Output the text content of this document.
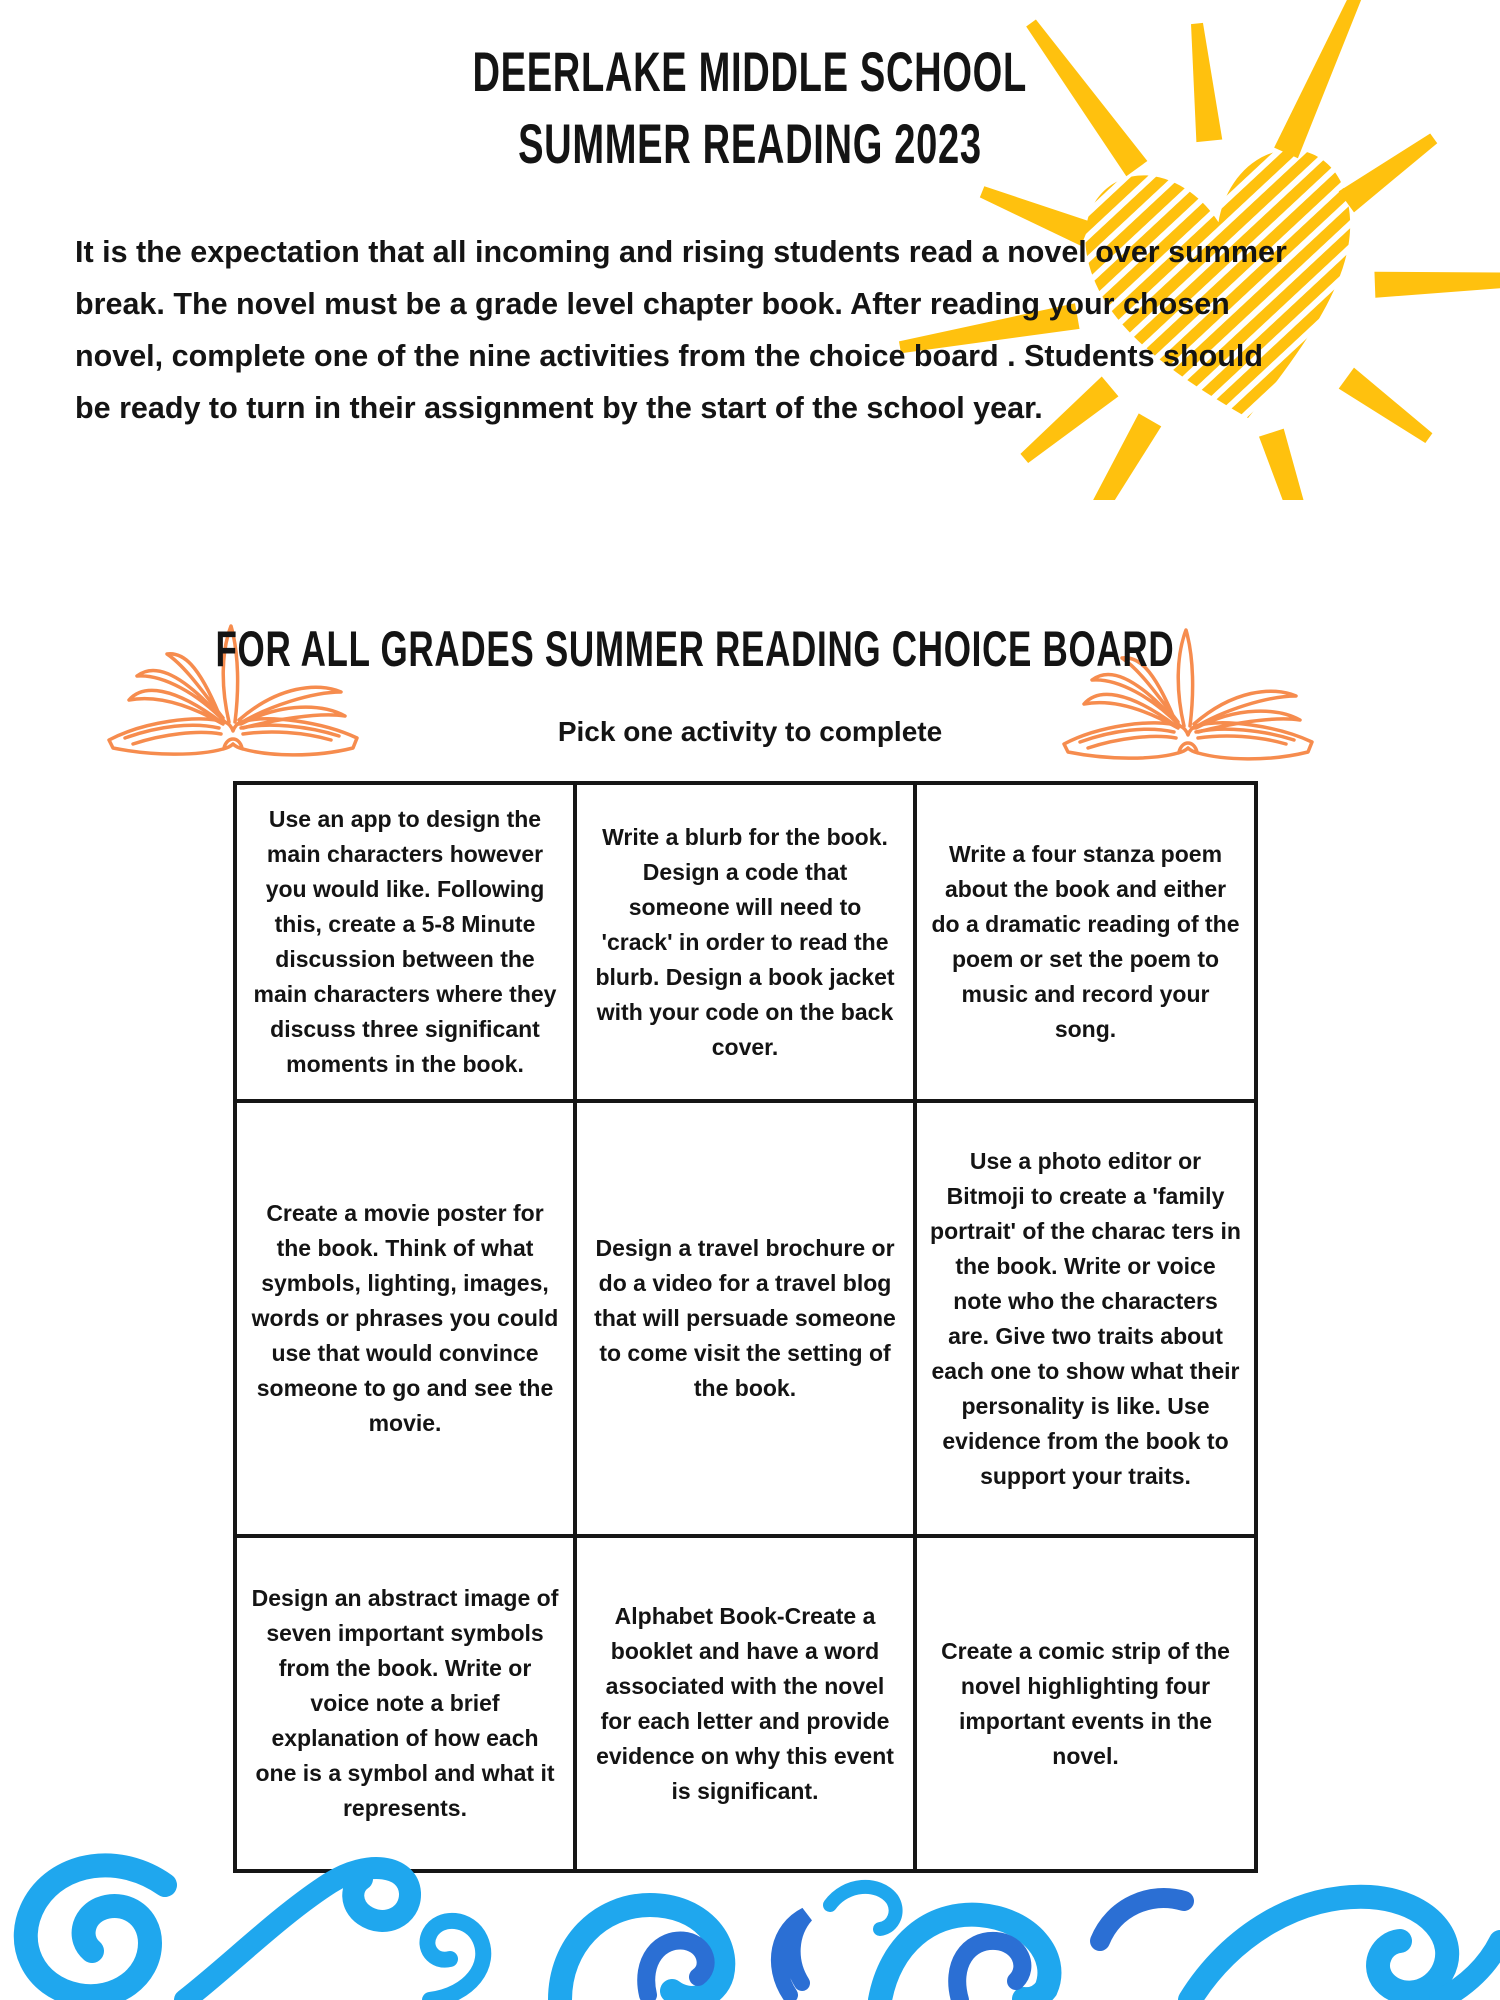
DEERLAKE MIDDLE SCHOOL
SUMMER READING 2023
It is the expectation that all incoming and rising students read a novel over summer
break. The novel must be a grade level chapter book. After reading your chosen
novel, complete one of the nine activities from the choice board . Students should
be ready to turn in their assignment by the start of the school year.
FOR ALL GRADES SUMMER READING CHOICE BOARD
Pick one activity to complete
Use an app to design the main characters however you would like. Following this, create a 5-8 Minute discussion between the main characters where they discuss three significant moments in the book.
Write a blurb for the book. Design a code that someone will need to 'crack' in order to read the blurb. Design a book jacket with your code on the back cover.
Write a four stanza poem about the book and either do a dramatic reading of the poem or set the poem to music and record your song.
Create a movie poster for the book. Think of what symbols, lighting, images, words or phrases you could use that would convince someone to go and see the movie.
Design a travel brochure or do a video for a travel blog that will persuade someone to come visit the setting of the book.
Use a photo editor or Bitmoji to create a 'family portrait' of the charac ters in the book. Write or voice note who the characters are. Give two traits about each one to show what their personality is like. Use evidence from the book to support your traits.
Design an abstract image of seven important symbols from the book. Write or voice note a brief explanation of how each one is a symbol and what it represents.
Alphabet Book-Create a booklet and have a word associated with the novel for each letter and provide evidence on why this event is significant.
Create a comic strip of the novel highlighting four important events in the novel.
